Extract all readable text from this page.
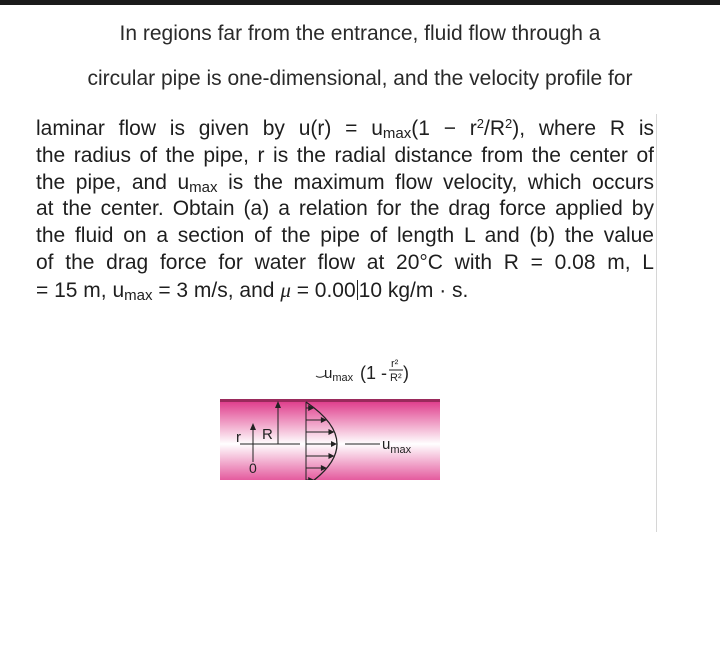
In regions far from the entrance, fluid flow through a
circular pipe is one-dimensional, and the velocity profile for
laminar flow is given by $u(r) = u_{max}(1 - r^2/R^2)$, where R is
the radius of the pipe, r is the radial distance from the center of
the pipe, and $u_{max}$ is the maximum flow velocity, which occurs
at the center. Obtain (a) a relation for the drag force applied by
the fluid on a section of the pipe of length L and (b) the value
of the drag force for water flow at 20°C with R = 0.08 m, L
= 15 m, $u_{max} = 3$ m/s, and μ = 0.00 10 kg/m · s.
r R
0
$u_{max}$
$u_{max}$ (1 - r²
R² )
